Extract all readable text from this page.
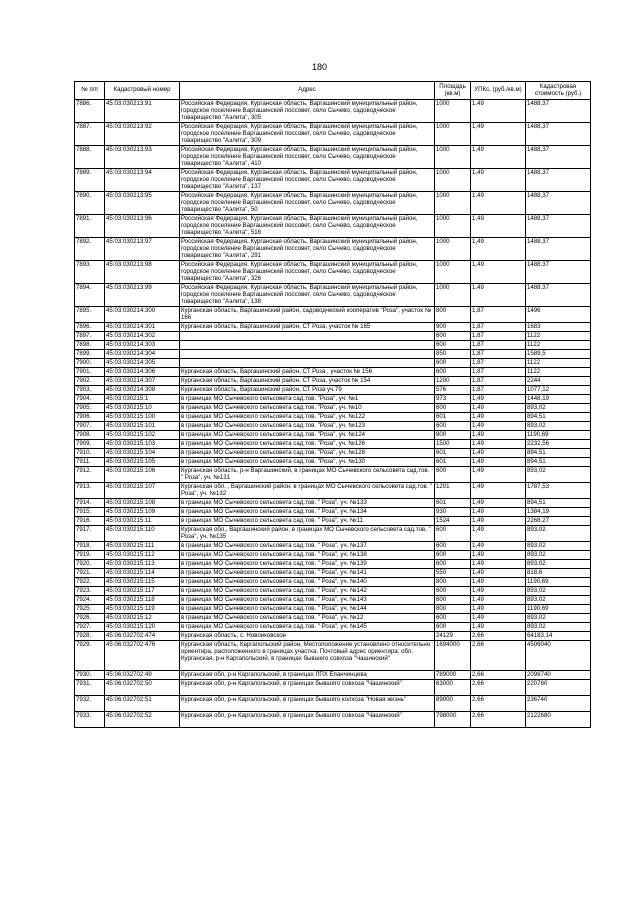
180
№ п/п	Кадастровый номер	Адрес	Площадь (кв.м)	УПКс. (руб./кв.м)	Кадастровая стоимость (руб.)
7886.	45:03:030213:91	Российская Федерация, Курганская область, Варгашинский муниципальный район, городское поселение Варгашинский поссовет, село Сычево, садоводческое товарищество "Аэлита", 305	1000	1,49	1488,37
7887.	45:03:030213:92	Российская Федерация, Курганская область, Варгашинский муниципальный район, городское поселение Варгашинский поссовет, село Сычево, садоводческое товарищество "Аэлита", 309	1000	1,49	1488,37
7888.	45:03:030213:93	Российская Федерация, Курганская область, Варгашинский муниципальный район, городское поселение Варгашинский поссовет, село Сычево, садоводческое товарищество "Аэлита", 410	1000	1,49	1488,37
7889.	45:03:030213:94	Российская Федерация, Курганская область, Варгашинский муниципальный район, городское поселение Варгашинский поссовет, село Сычево, садоводческое товарищество "Аэлита", 137	1000	1,49	1488,37
7890.	45:03:030213:95	Российская Федерация, Курганская область, Варгашинский муниципальный район, городское поселение Варгашинский поссовет, село Сычево, садоводческое товарищество "Аэлита", 50	1000	1,49	1488,37
7891.	45:03:030213:96	Российская Федерация, Курганская область, Варгашинский муниципальный район, городское поселение Варгашинский поссовет, село Сычево, садоводческое товарищество "Аэлита", 516	1000	1,49	1488,37
7892.	45:03:030213:97	Российская Федерация, Курганская область, Варгашинский муниципальный район, городское поселение Варгашинский поссовет, село Сычево, садоводческое товарищество "Аэлита", 291	1000	1,49	1488,37
7893.	45:03:030213:98	Российская Федерация, Курганская область, Варгашинский муниципальный район, городское поселение Варгашинский поссовет, село Сычево, садоводческое товарищество "Аэлита", 326	1000	1,49	1488,37
7894.	45:03:030213:99	Российская Федерация, Курганская область, Варгашинский муниципальный район, городское поселение Варгашинский поссовет, село Сычево, садоводческое товарищество "Аэлита", 138	1000	1,49	1488,37
7895.	45:03:030214:300	Курганская область, Варгашинский район, садоводческий кооператив "Роза", участок № 166	800	1,87	1496
7896.	45:03:030214:301	Курганская область, Варгашинский район, СТ Роза, участок № 165	900	1,87	1683
7897.	45:03:030214:302		600	1,87	1122
7898.	45:03:030214:303		600	1,87	1122
7899.	45:03:030214:304		850	1,87	1589,5
7900.	45:03:030214:305		600	1,87	1122
7901.	45:03:030214:306	Курганская область, Варгашинский район, СТ Роза , участок № 156	600	1,87	1122
7902.	45:03:030214:307	Курганская область, Варгашинский район, СТ Роза, участок № 154	1200	1,87	2244
7903.	45:03:030214:308	Курганская область, Варгашинский район, СТ Роза уч.79	576	1,87	1077,12
7904.	45:03:030215:1	в границах МО Сычевского сельсовета сад.тов. "Роза", уч. №1	973	1,49	1448,19
7905.	45:03:030215:10	в границах МО Сычевского сельсовета сад.тов. "Роза", уч. №10	600	1,49	893,02
7906.	45:03:030215:100	в границах МО Сычевского сельсовета сад.тов. "Роза", уч. №122	601	1,49	894,51
7907.	45:03:030215:101	в границах МО Сычевского сельсовета сад.тов. "Роза", уч. №123	600	1,49	893,02
7908.	45:03:030215:102	в границах МО Сычевского сельсовета сад.тов. "Роза", уч. №124	800	1,49	1190,69
7909.	45:03:030215:103	в границах МО Сычевского сельсовета сад.тов. "Роза", уч. №126	1500	1,49	2232,56
7910.	45:03:030215:104	в границах МО Сычевского сельсовета сад.тов. "Роза", уч. №128	601	1,49	894,51
7911.	45:03:030215:105	в границах МО Сычевского сельсовета сад.тов. "Роза", уч. №130	601	1,49	894,51
7912.	45:03:030215:106	Курганская область, р-н Варгашинский, в границах МО Сычевского сельсовета сад.тов. " Роза", уч. №131	600	1,49	893,02
7913.	45:03:030215:107	Курганская обл. , Варгашинский район, в границах МО Сычевского сельсовета сад.тов. " Роза", уч. №132	1201	1,49	1787,53
7914.	45:03:030215:108	в границах МО Сычевского сельсовета сад.тов. " Роза", уч. №133	601	1,49	894,51
7915.	45:03:030215:109	в границах МО Сычевского сельсовета сад.тов. " Роза", уч. №134	930	1,49	1384,19
7916.	45:03:030215:11	в границах МО Сычевского сельсовета сад.тов. " Роза", уч. №11	1524	1,49	2268,27
7917.	45:03:030215:110	Курганская обл., Варгашинский район, в границах МО Сычевского сельсовета сад.тов. " Роза", уч. №135	600	1,49	893,02
7918.	45:03:030215:111	в границах МО Сычевского сельсовета сад.тов. " Роза", уч. №137	600	1,49	893,02
7919.	45:03:030215:112	в границах МО Сычевского сельсовета сад.тов. " Роза", уч. №138	600	1,49	893,02
7920.	45:03:030215:113	в границах МО Сычевского сельсовета сад.тов. " Роза", уч. №139	600	1,49	893,02
7921.	45:03:030215:114	в границах МО Сычевского сельсовета сад.тов. " Роза", уч. №141	550	1,49	818,6
7922.	45:03:030215:115	в границах МО Сычевского сельсовета сад.тов. " Роза", уч. №140	800	1,49	1190,69
7923.	45:03:030215:117	в границах МО Сычевского сельсовета сад.тов. " Роза", уч. №142	600	1,49	893,02
7924.	45:03:030215:118	в границах МО Сычевского сельсовета сад.тов. " Роза", уч. №143	600	1,49	893,02
7925.	45:03:030215:119	в границах МО Сычевского сельсовета сад.тов. " Роза", уч. №144	800	1,49	1190,69
7926.	45:03:030215:12	в границах МО Сычевского сельсовета сад.тов. " Роза", уч. №12	600	1,49	893,02
7927.	45:03:030215:120	в границах МО Сычевского сельсовета сад.тов. " Роза", уч. №145	600	1,49	893,02
7928.	45:06:032702:474	Курганская область, с. Новоиковское	24129	2,66	64183,14
7929.	45:06:032702:476	Курганская область, Каргапольский район, Местоположение установлено относительно ориентира, расположенного в границах участка. Почтовый адрес ориентира: обл. Курганская, р-н Каргапольский, в границах бывшего совхоза "Чашинский"	1694000	2,66	4506040
7930.	45:06:032702:49	Курганская обл, р-н Каргапольский, в границах ЛПХ Епанчинцева	789000	2,66	2098740
7931.	45:06:032702:50	Курганская обл, р-н Каргапольский, в границах бывшего совхоза "Чашинский"	83000	2,66	220780
7932.	45:06:032702:51	Курганская обл, р-н Каргапольский, в границах бывшего колхоза "Новая жизнь"	89000	2,66	236740
7933.	45:06:032702:52	Курганская обл, р-н Каргапольский, в границах бывшего совхоза "Чашинский"	798000	2,66	2122680
